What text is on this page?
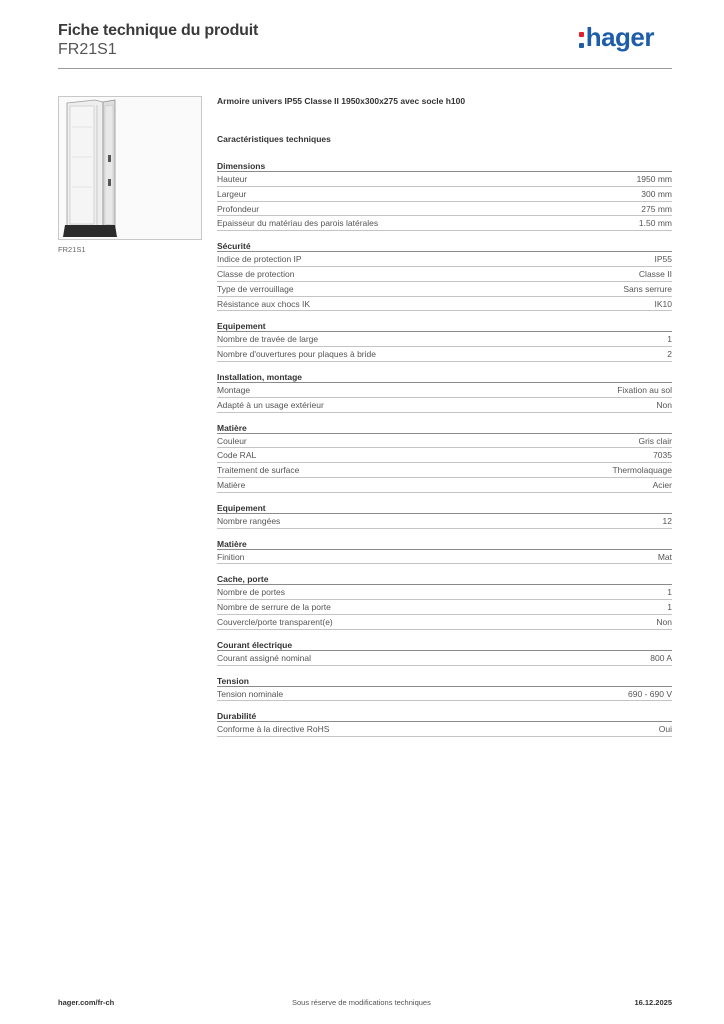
Fiche technique du produit
FR21S1	hager
FR21S1
Armoire univers IP55 Classe II 1950x300x275 avec socle h100
Caractéristiques techniques
Dimensions
Hauteur	1950 mm
Largeur	300 mm
Profondeur	275 mm
Epaisseur du matériau des parois latérales	1.50 mm
Sécurité
Indice de protection IP	IP55
Classe de protection	Classe II
Type de verrouillage	Sans serrure
Résistance aux chocs IK	IK10
Equipement
Nombre de travée de large	1
Nombre d'ouvertures pour plaques à bride	2
Installation, montage
Montage	Fixation au sol
Adapté à un usage extérieur	Non
Matière
Couleur	Gris clair
Code RAL	7035
Traitement de surface	Thermolaquage
Matière	Acier
Equipement
Nombre rangées	12
Matière
Finition	Mat
Cache, porte
Nombre de portes	1
Nombre de serrure de la porte	1
Couvercle/porte transparent(e)	Non
Courant électrique
Courant assigné nominal	800 A
Tension
Tension nominale	690 - 690 V
Durabilité
Conforme à la directive RoHS	Oui
hager.com/fr-ch	Sous réserve de modifications techniques	16.12.2025
